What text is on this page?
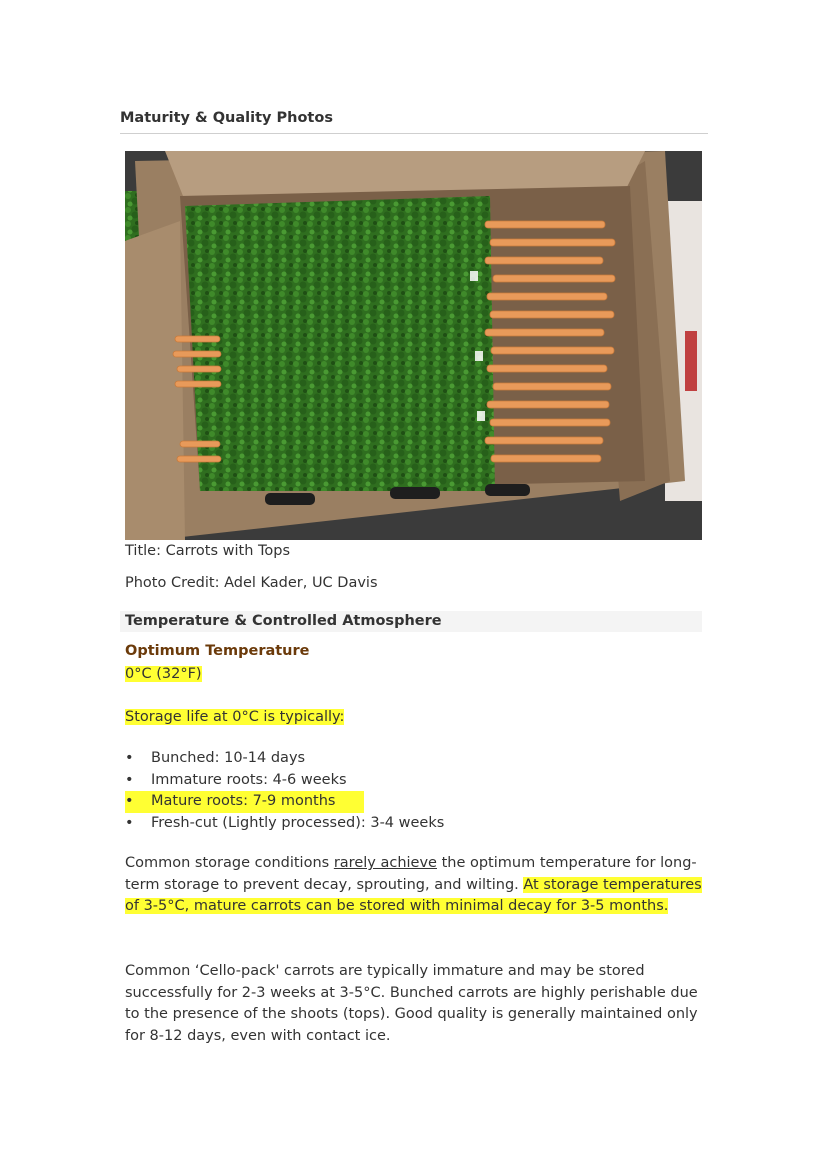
Maturity & Quality Photos
Title: Carrots with Tops
Photo Credit: Adel Kader, UC Davis
Temperature & Controlled Atmosphere
Optimum Temperature
0°C (32°F)
Storage life at 0°C is typically:
• Bunched: 10-14 days
• Immature roots: 4-6 weeks
• Mature roots: 7-9 months
• Fresh-cut (Lightly processed): 3-4 weeks
Common storage conditions rarely achieve the optimum temperature for long-term storage to prevent decay, sprouting, and wilting. At storage temperatures of 3-5°C, mature carrots can be stored with minimal decay for 3-5 months.
Common ‘Cello-pack' carrots are typically immature and may be stored successfully for 2-3 weeks at 3-5°C. Bunched carrots are highly perishable due to the presence of the shoots (tops). Good quality is generally maintained only for 8-12 days, even with contact ice.
